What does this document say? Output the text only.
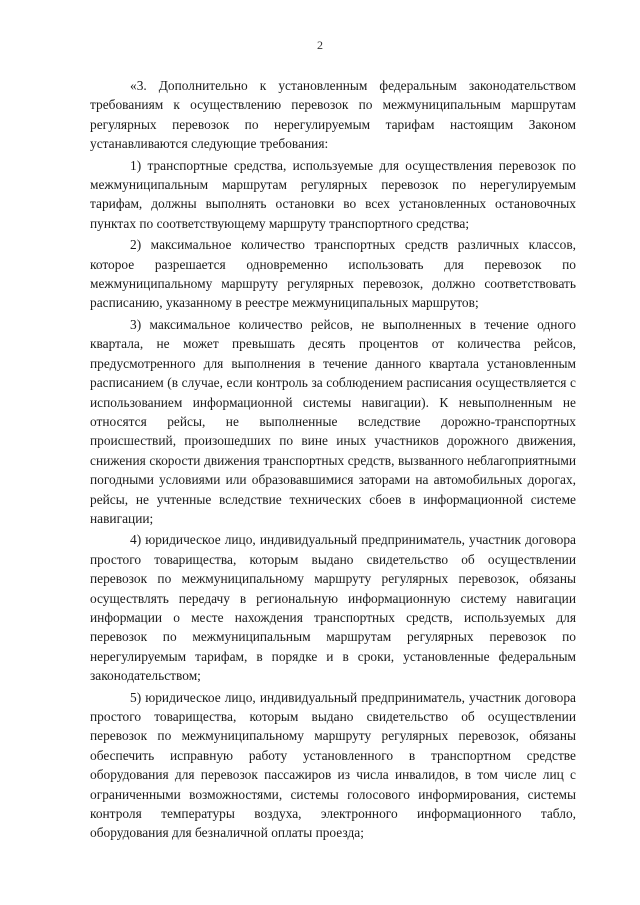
2

«3. Дополнительно к установленным федеральным законодательством требованиям к осуществлению перевозок по межмуниципальным маршрутам регулярных перевозок по нерегулируемым тарифам настоящим Законом устанавливаются следующие требования:

1) транспортные средства, используемые для осуществления перевозок по межмуниципальным маршрутам регулярных перевозок по нерегулируемым тарифам, должны выполнять остановки во всех установленных остановочных пунктах по соответствующему маршруту транспортного средства;

2) максимальное количество транспортных средств различных классов, которое разрешается одновременно использовать для перевозок по межмуниципальному маршруту регулярных перевозок, должно соответствовать расписанию, указанному в реестре межмуниципальных маршрутов;

3) максимальное количество рейсов, не выполненных в течение одного квартала, не может превышать десять процентов от количества рейсов, предусмотренного для выполнения в течение данного квартала установленным расписанием (в случае, если контроль за соблюдением расписания осуществляется с использованием информационной системы навигации). К невыполненным не относятся рейсы, не выполненные вследствие дорожно-транспортных происшествий, произошедших по вине иных участников дорожного движения, снижения скорости движения транспортных средств, вызванного неблагоприятными погодными условиями или образовавшимися заторами на автомобильных дорогах, рейсы, не учтенные вследствие технических сбоев в информационной системе навигации;

4) юридическое лицо, индивидуальный предприниматель, участник договора простого товарищества, которым выдано свидетельство об осуществлении перевозок по межмуниципальному маршруту регулярных перевозок, обязаны осуществлять передачу в региональную информационную систему навигации информации о месте нахождения транспортных средств, используемых для перевозок по межмуниципальным маршрутам регулярных перевозок по нерегулируемым тарифам, в порядке и в сроки, установленные федеральным законодательством;

5) юридическое лицо, индивидуальный предприниматель, участник договора простого товарищества, которым выдано свидетельство об осуществлении перевозок по межмуниципальному маршруту регулярных перевозок, обязаны обеспечить исправную работу установленного в транспортном средстве оборудования для перевозок пассажиров из числа инвалидов, в том числе лиц с ограниченными возможностями, системы голосового информирования, системы контроля температуры воздуха, электронного информационного табло, оборудования для безналичной оплаты проезда;
